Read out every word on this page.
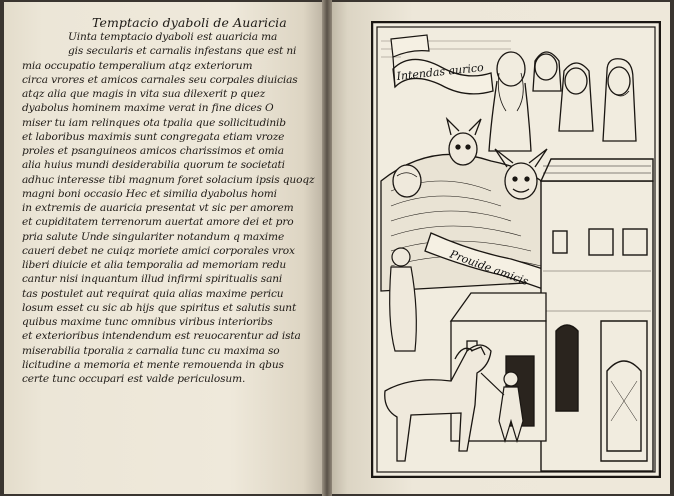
Temptacio dyaboli de Auaricia
Uinta temptacio dyaboli est auaricia ma
gis secularis et carnalis infestans que est ni
mia occupatio temperalium atqz exteriorum
circa vrores et amicos carnales seu corpales diuicias
atqz alia que magis in vita sua dilexerit p quez
dyabolus hominem maxime verat in fine dices O
miser tu iam relinques ota tpalia que sollicitudinib
et laboribus maximis sunt congregata etiam vroze
proles et psanguineos amicos charissimos et omia
alia huius mundi desiderabilia quorum te societati
adhuc interesse tibi magnum foret solacium ipsis quoqz
magni boni occasio Hec et similia dyabolus homi
in extremis de auaricia presentat vt sic per amorem
et cupiditatem terrenorum auertat amore dei et pro
pria salute Unde singulariter notandum q maxime
caueri debet ne cuiqz moriete amici corporales vrox
liberi diuicie et alia temporalia ad memoriam redu
cantur nisi inquantum illud infirmi spiritualis sani
tas postulet aut requirat quia alias maxime pericu
losum esset cu sic ab hijs que spiritus et salutis sunt
quibus maxime tunc omnibus viribus interioribs
et exterioribus intendendum est reuocarentur ad ista
miserabilia tporalia z carnalia tunc cu maxima so
licitudine a memoria et mente remouenda in qbus
certe tunc occupari est valde periculosum.
Intendas aurico
Prouide amicis
